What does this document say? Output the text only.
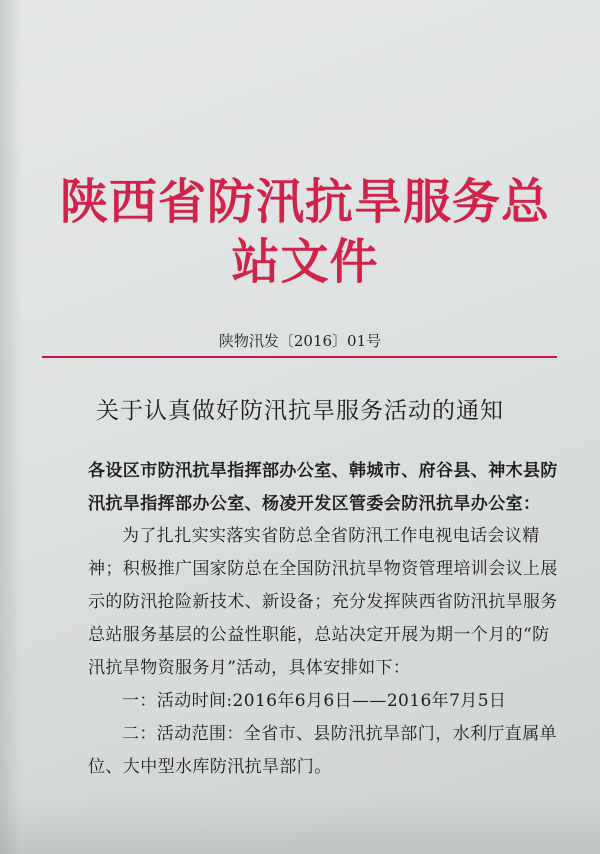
陕西省防汛抗旱服务总站文件
陕物汛发〔2016〕01号
关于认真做好防汛抗旱服务活动的通知
各设区市防汛抗旱指挥部办公室、韩城市、府谷县、神木县防汛抗旱指挥部办公室、杨凌开发区管委会防汛抗旱办公室：

为了扎扎实实落实省防总全省防汛工作电视电话会议精神；积极推广国家防总在全国防汛抗旱物资管理培训会议上展示的防汛抢险新技术、新设备；充分发挥陕西省防汛抗旱服务总站服务基层的公益性职能，总站决定开展为期一个月的“防汛抗旱物资服务月”活动，具体安排如下：

一：活动时间:2016年6月6日——2016年7月5日

二：活动范围：全省市、县防汛抗旱部门，水利厅直属单位、大中型水库防汛抗旱部门。
